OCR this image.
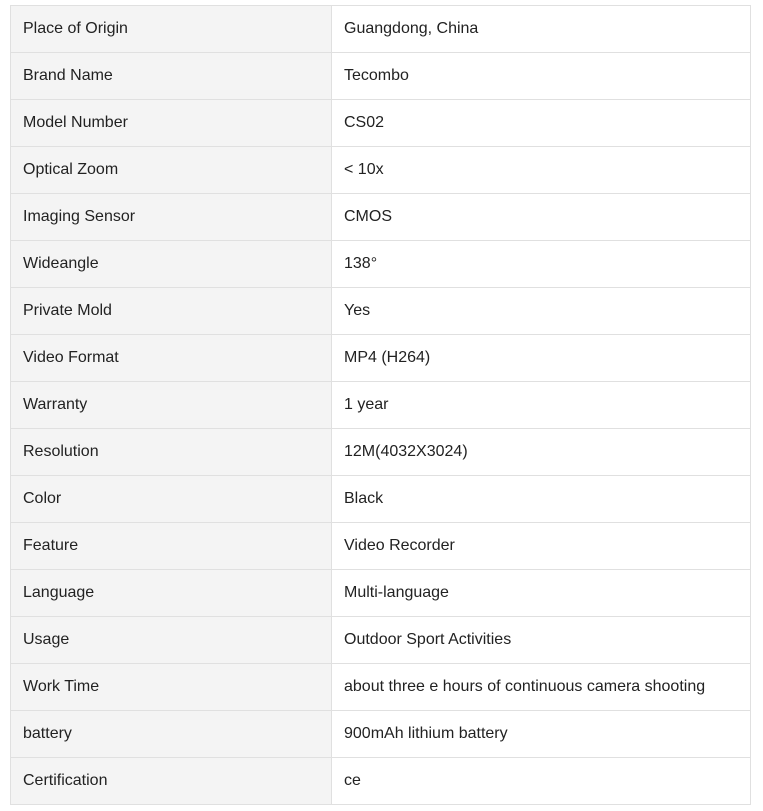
Place of Origin	Guangdong, China
Brand Name	Tecombo
Model Number	CS02
Optical Zoom	< 10x
Imaging Sensor	CMOS
Wideangle	138°
Private Mold	Yes
Video Format	MP4 (H264)
Warranty	1 year
Resolution	12M(4032X3024)
Color	Black
Feature	Video Recorder
Language	Multi-language
Usage	Outdoor Sport Activities
Work Time	about three e hours of continuous camera shooting
battery	900mAh lithium battery
Certification	ce
